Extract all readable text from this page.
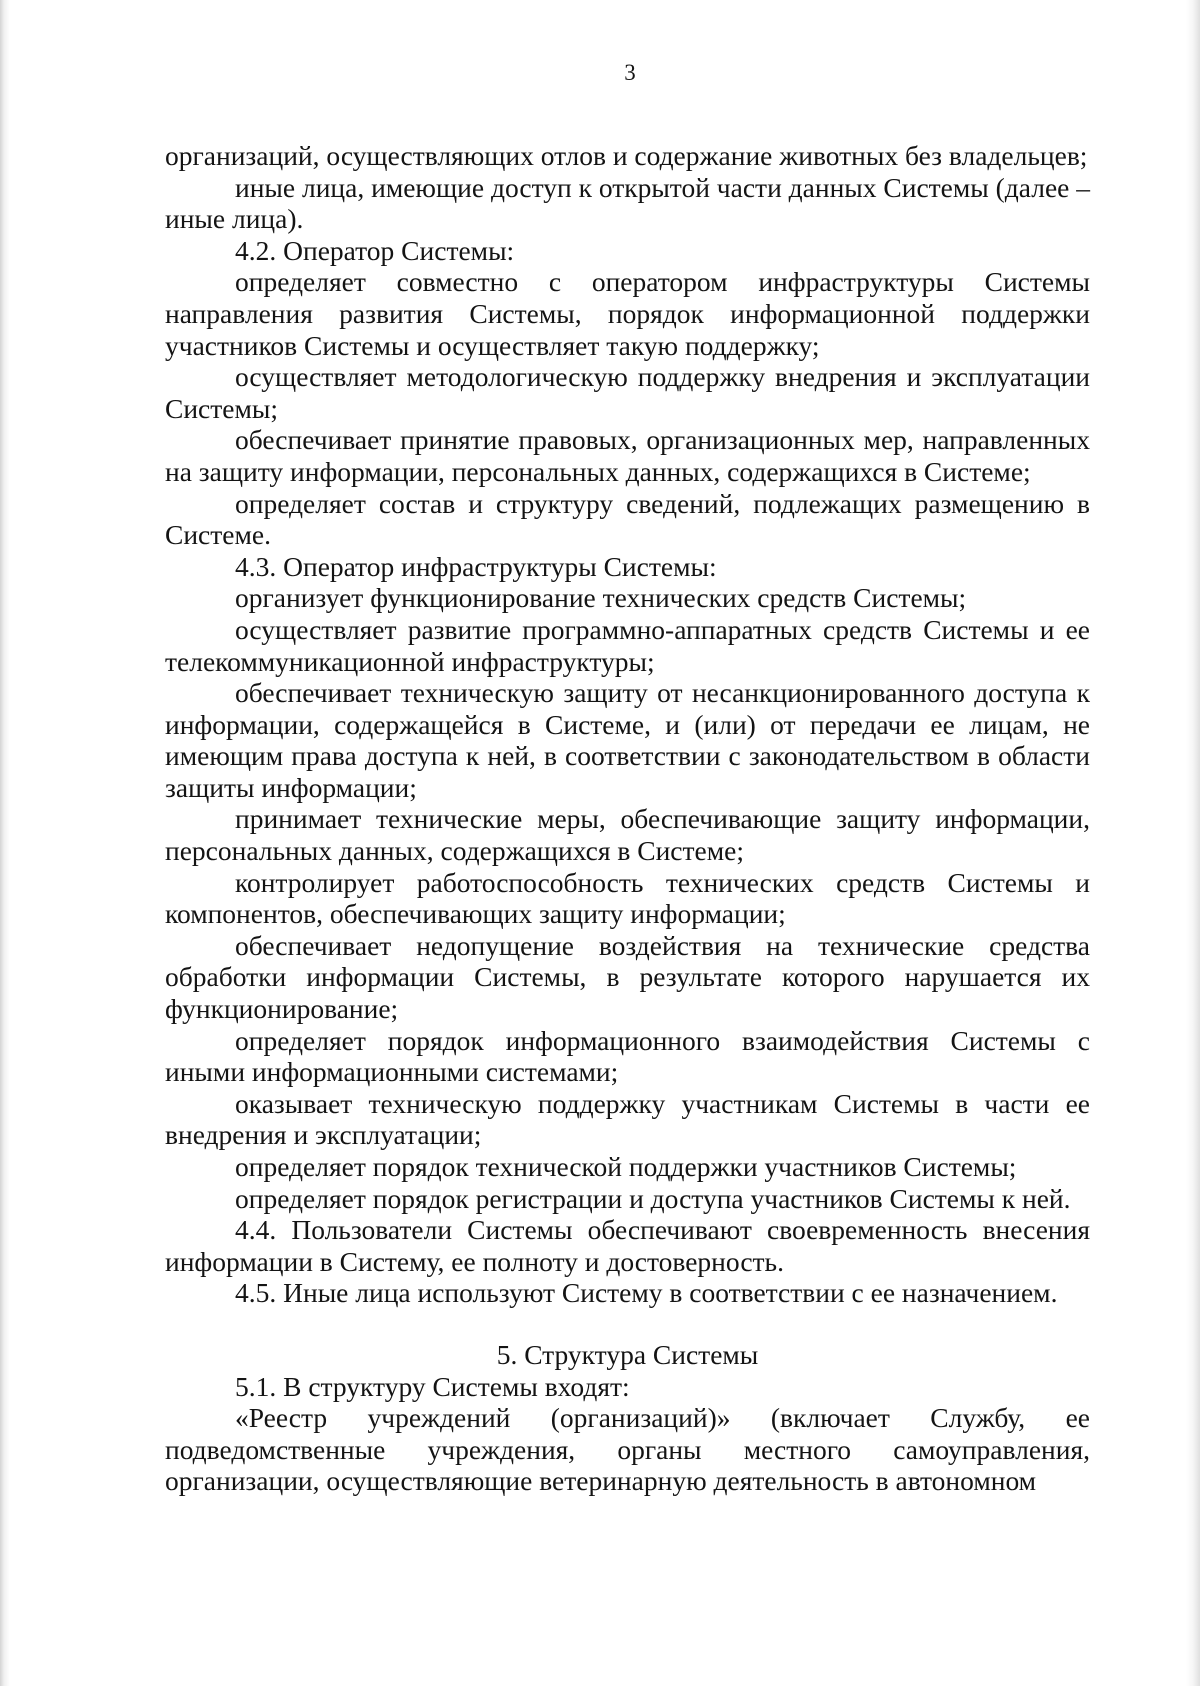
3

организаций, осуществляющих отлов и содержание животных без владельцев;

иные лица, имеющие доступ к открытой части данных Системы (далее – иные лица).

4.2. Оператор Системы:

определяет совместно с оператором инфраструктуры Системы направления развития Системы, порядок информационной поддержки участников Системы и осуществляет такую поддержку;

осуществляет методологическую поддержку внедрения и эксплуатации Системы;

обеспечивает принятие правовых, организационных мер, направленных на защиту информации, персональных данных, содержащихся в Системе;

определяет состав и структуру сведений, подлежащих размещению в Системе.

4.3. Оператор инфраструктуры Системы:

организует функционирование технических средств Системы;

осуществляет развитие программно-аппаратных средств Системы и ее телекоммуникационной инфраструктуры;

обеспечивает техническую защиту от несанкционированного доступа к информации, содержащейся в Системе, и (или) от передачи ее лицам, не имеющим права доступа к ней, в соответствии с законодательством в области защиты информации;

принимает технические меры, обеспечивающие защиту информации, персональных данных, содержащихся в Системе;

контролирует работоспособность технических средств Системы и компонентов, обеспечивающих защиту информации;

обеспечивает недопущение воздействия на технические средства обработки информации Системы, в результате которого нарушается их функционирование;

определяет порядок информационного взаимодействия Системы с иными информационными системами;

оказывает техническую поддержку участникам Системы в части ее внедрения и эксплуатации;

определяет порядок технической поддержки участников Системы;

определяет порядок регистрации и доступа участников Системы к ней.

4.4. Пользователи Системы обеспечивают своевременность внесения информации в Систему, ее полноту и достоверность.

4.5. Иные лица используют Систему в соответствии с ее назначением.

5. Структура Системы

5.1. В структуру Системы входят:

«Реестр учреждений (организаций)» (включает Службу, ее подведомственные учреждения, органы местного самоуправления, организации, осуществляющие ветеринарную деятельность в автономном
